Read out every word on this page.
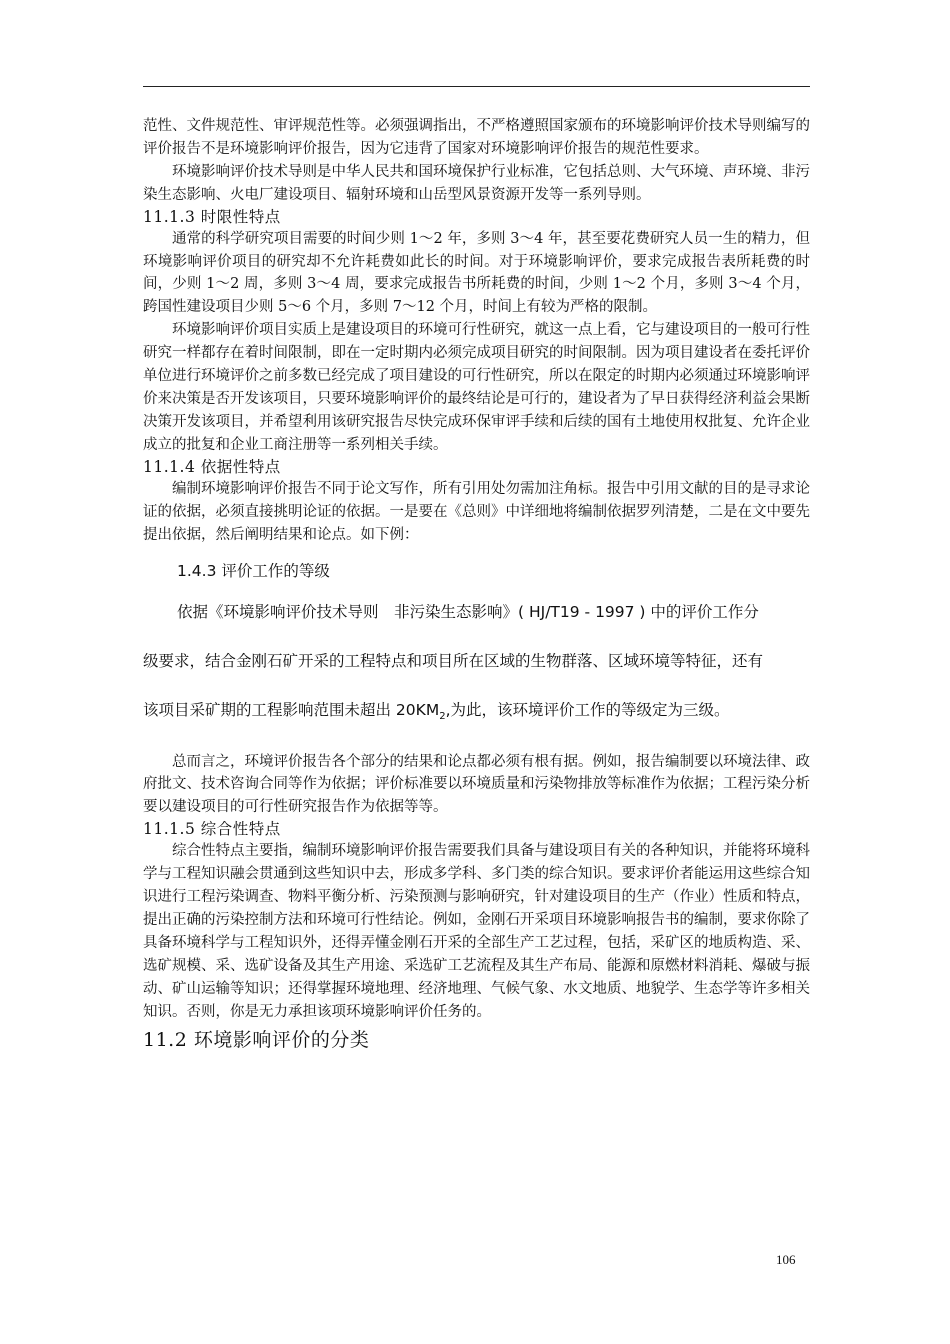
范性、文件规范性、审评规范性等。必须强调指出，不严格遵照国家颁布的环境影响评价技术导则编写的评价报告不是环境影响评价报告，因为它违背了国家对环境影响评价报告的规范性要求。

环境影响评价技术导则是中华人民共和国环境保护行业标准，它包括总则、大气环境、声环境、非污染生态影响、火电厂建设项目、辐射环境和山岳型风景资源开发等一系列导则。

11.1.3 时限性特点

通常的科学研究项目需要的时间少则 1～2 年，多则 3～4 年，甚至要花费研究人员一生的精力，但环境影响评价项目的研究却不允许耗费如此长的时间。对于环境影响评价，要求完成报告表所耗费的时间，少则 1～2 周，多则 3～4 周，要求完成报告书所耗费的时间，少则 1～2 个月，多则 3～4 个月，跨国性建设项目少则 5～6 个月，多则 7～12 个月，时间上有较为严格的限制。

环境影响评价项目实质上是建设项目的环境可行性研究，就这一点上看，它与建设项目的一般可行性研究一样都存在着时间限制，即在一定时期内必须完成项目研究的时间限制。因为项目建设者在委托评价单位进行环境评价之前多数已经完成了项目建设的可行性研究，所以在限定的时期内必须通过环境影响评价来决策是否开发该项目，只要环境影响评价的最终结论是可行的，建设者为了早日获得经济利益会果断决策开发该项目，并希望利用该研究报告尽快完成环保审评手续和后续的国有土地使用权批复、允许企业成立的批复和企业工商注册等一系列相关手续。

11.1.4 依据性特点

编制环境影响评价报告不同于论文写作，所有引用处勿需加注角标。报告中引用文献的目的是寻求论证的依据，必须直接挑明论证的依据。一是要在《总则》中详细地将编制依据罗列清楚，二是在文中要先提出依据，然后阐明结果和论点。如下例：

1.4.3 评价工作的等级

依据《环境影响评价技术导则　非污染生态影响》( HJ/T19 - 1997 ) 中的评价工作分

级要求，结合金刚石矿开采的工程特点和项目所在区域的生物群落、区域环境等特征，还有

该项目采矿期的工程影响范围未超出 $20KM_2$,为此，该环境评价工作的等级定为三级。

总而言之，环境评价报告各个部分的结果和论点都必须有根有据。例如，报告编制要以环境法律、政府批文、技术咨询合同等作为依据；评价标准要以环境质量和污染物排放等标准作为依据；工程污染分析要以建设项目的可行性研究报告作为依据等等。

11.1.5 综合性特点

综合性特点主要指，编制环境影响评价报告需要我们具备与建设项目有关的各种知识，并能将环境科学与工程知识融会贯通到这些知识中去，形成多学科、多门类的综合知识。要求评价者能运用这些综合知识进行工程污染调查、物料平衡分析、污染预测与影响研究，针对建设项目的生产（作业）性质和特点，提出正确的污染控制方法和环境可行性结论。例如，金刚石开采项目环境影响报告书的编制，要求你除了具备环境科学与工程知识外，还得弄懂金刚石开采的全部生产工艺过程，包括，采矿区的地质构造、采、选矿规模、采、选矿设备及其生产用途、采选矿工艺流程及其生产布局、能源和原燃材料消耗、爆破与振动、矿山运输等知识；还得掌握环境地理、经济地理、气候气象、水文地质、地貌学、生态学等许多相关知识。否则，你是无力承担该项环境影响评价任务的。

11.2 环境影响评价的分类

106
